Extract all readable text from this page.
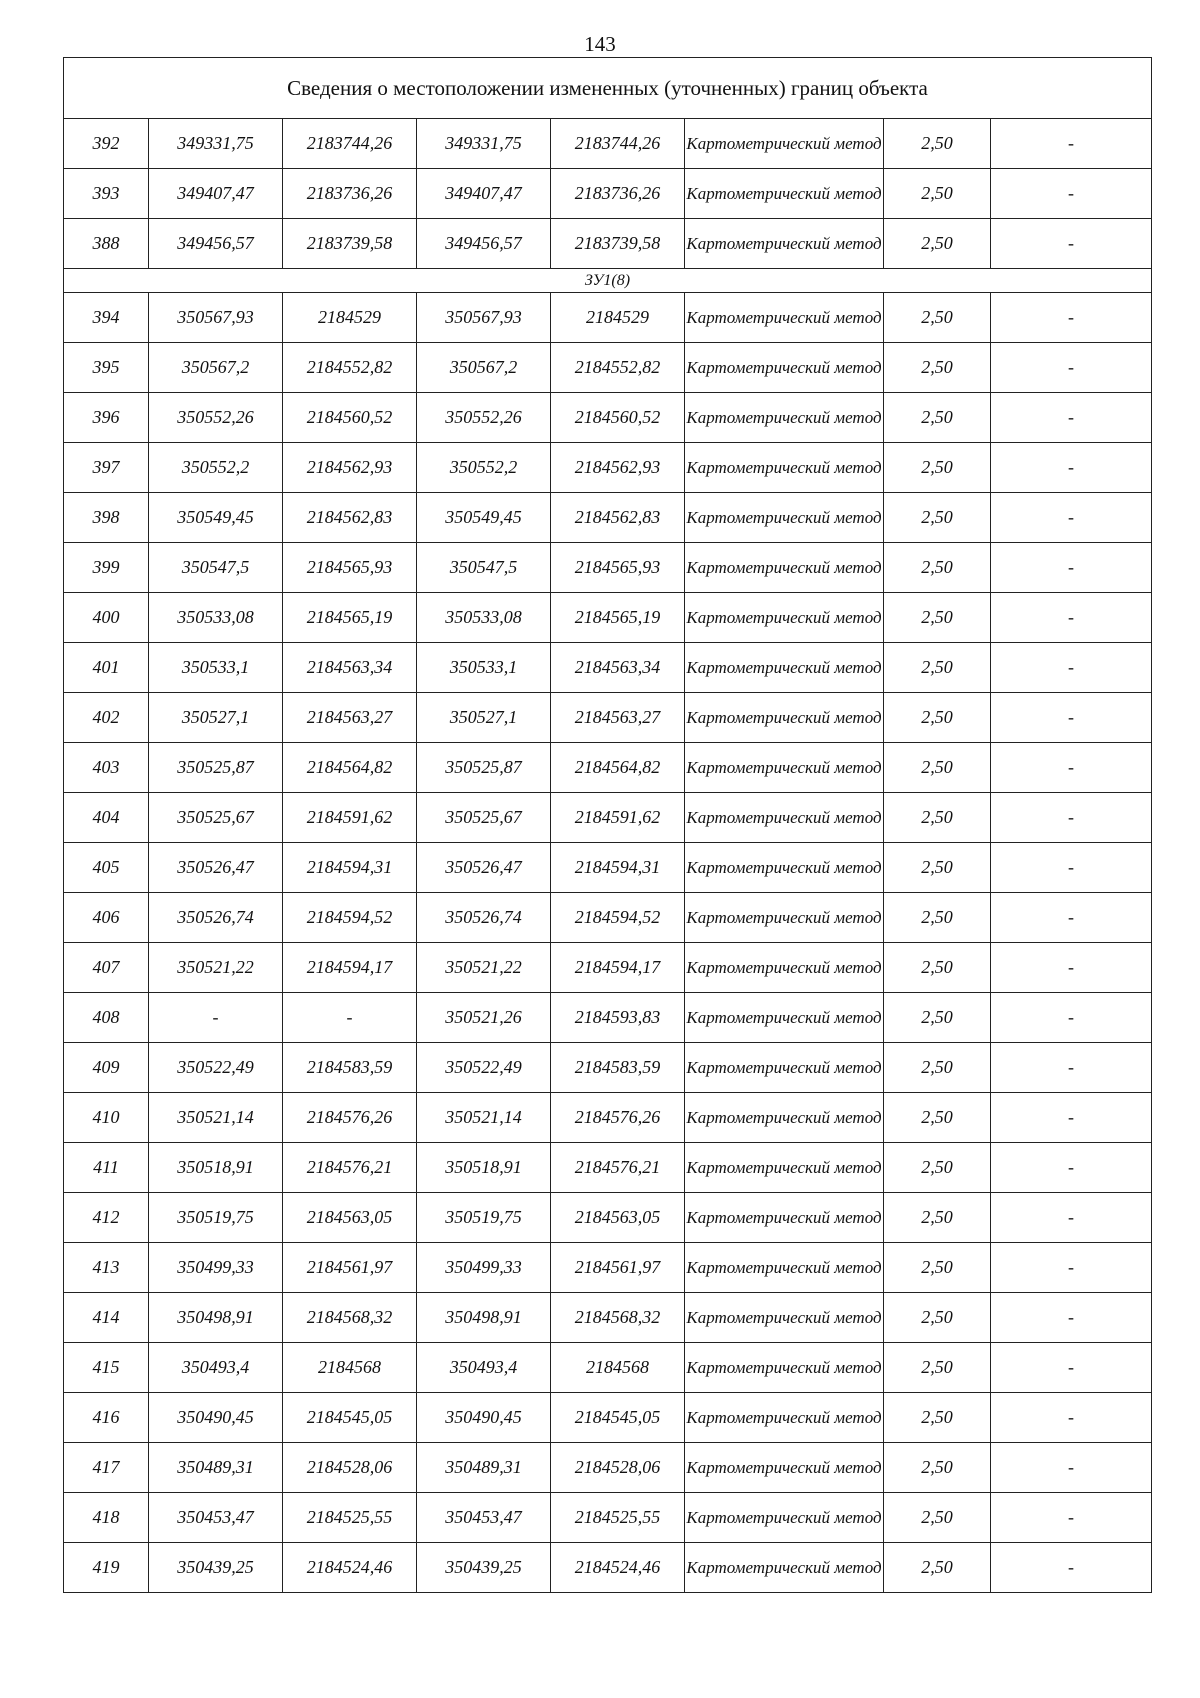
143
Сведения о местоположении измененных (уточненных) границ объекта							
392	349331,75	2183744,26	349331,75	2183744,26	Картометрический метод	2,50	-
393	349407,47	2183736,26	349407,47	2183736,26	Картометрический метод	2,50	-
388	349456,57	2183739,58	349456,57	2183739,58	Картометрический метод	2,50	-
ЗУ1(8)							
394	350567,93	2184529	350567,93	2184529	Картометрический метод	2,50	-
395	350567,2	2184552,82	350567,2	2184552,82	Картометрический метод	2,50	-
396	350552,26	2184560,52	350552,26	2184560,52	Картометрический метод	2,50	-
397	350552,2	2184562,93	350552,2	2184562,93	Картометрический метод	2,50	-
398	350549,45	2184562,83	350549,45	2184562,83	Картометрический метод	2,50	-
399	350547,5	2184565,93	350547,5	2184565,93	Картометрический метод	2,50	-
400	350533,08	2184565,19	350533,08	2184565,19	Картометрический метод	2,50	-
401	350533,1	2184563,34	350533,1	2184563,34	Картометрический метод	2,50	-
402	350527,1	2184563,27	350527,1	2184563,27	Картометрический метод	2,50	-
403	350525,87	2184564,82	350525,87	2184564,82	Картометрический метод	2,50	-
404	350525,67	2184591,62	350525,67	2184591,62	Картометрический метод	2,50	-
405	350526,47	2184594,31	350526,47	2184594,31	Картометрический метод	2,50	-
406	350526,74	2184594,52	350526,74	2184594,52	Картометрический метод	2,50	-
407	350521,22	2184594,17	350521,22	2184594,17	Картометрический метод	2,50	-
408	-	-	350521,26	2184593,83	Картометрический метод	2,50	-
409	350522,49	2184583,59	350522,49	2184583,59	Картометрический метод	2,50	-
410	350521,14	2184576,26	350521,14	2184576,26	Картометрический метод	2,50	-
411	350518,91	2184576,21	350518,91	2184576,21	Картометрический метод	2,50	-
412	350519,75	2184563,05	350519,75	2184563,05	Картометрический метод	2,50	-
413	350499,33	2184561,97	350499,33	2184561,97	Картометрический метод	2,50	-
414	350498,91	2184568,32	350498,91	2184568,32	Картометрический метод	2,50	-
415	350493,4	2184568	350493,4	2184568	Картометрический метод	2,50	-
416	350490,45	2184545,05	350490,45	2184545,05	Картометрический метод	2,50	-
417	350489,31	2184528,06	350489,31	2184528,06	Картометрический метод	2,50	-
418	350453,47	2184525,55	350453,47	2184525,55	Картометрический метод	2,50	-
419	350439,25	2184524,46	350439,25	2184524,46	Картометрический метод	2,50	-
